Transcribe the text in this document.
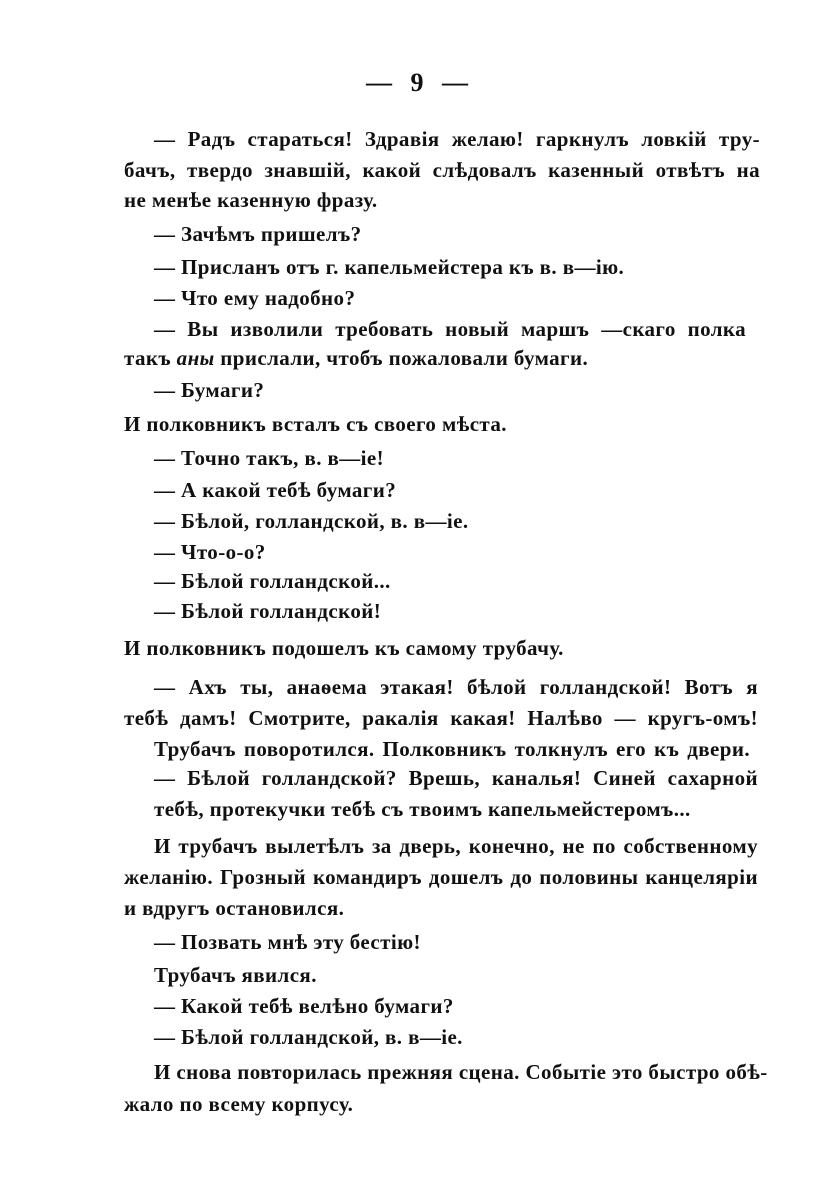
— 9 —
— Радъ стараться! Здравія желаю! гаркнулъ ловкій тру-
бачъ, твердо знавшій, какой слѣдовалъ казенный отвѣтъ на
не менѣе казенную фразу.
— Зачѣмъ пришелъ?
— Присланъ отъ г. капельмейстера къ в. в—ію.
— Что ему надобно?
— Вы изволили требовать новый маршъ —скаго полка
такъ аны прислали, чтобъ пожаловали бумаги.
— Бумаги?
И полковникъ всталъ съ своего мѣста.
— Точно такъ, в. в—іе!
— А какой тебѣ бумаги?
— Бѣлой, голландской, в. в—іе.
— Что-о-о?
— Бѣлой голландской...
— Бѣлой голландской!
И полковникъ подошелъ къ самому трубачу.
— Ахъ ты, анаѳема этакая! бѣлой голландской! Вотъ я
тебѣ дамъ! Смотрите, ракалія какая! Налѣво — кругъ-омъ!
Трубачъ поворотился. Полковникъ толкнулъ его къ двери.
— Бѣлой голландской? Врешь, каналья! Синей сахарной
тебѣ, протекучки тебѣ съ твоимъ капельмейстеромъ...
И трубачъ вылетѣлъ за дверь, конечно, не по собственному
желанію. Грозный командиръ дошелъ до половины канцеляріи
и вдругъ остановился.
— Позвать мнѣ эту бестію!
Трубачъ явился.
— Какой тебѣ велѣно бумаги?
— Бѣлой голландской, в. в—іе.
И снова повторилась прежняя сцена. Событіе это быстро обѣ-
жало по всему корпусу.
